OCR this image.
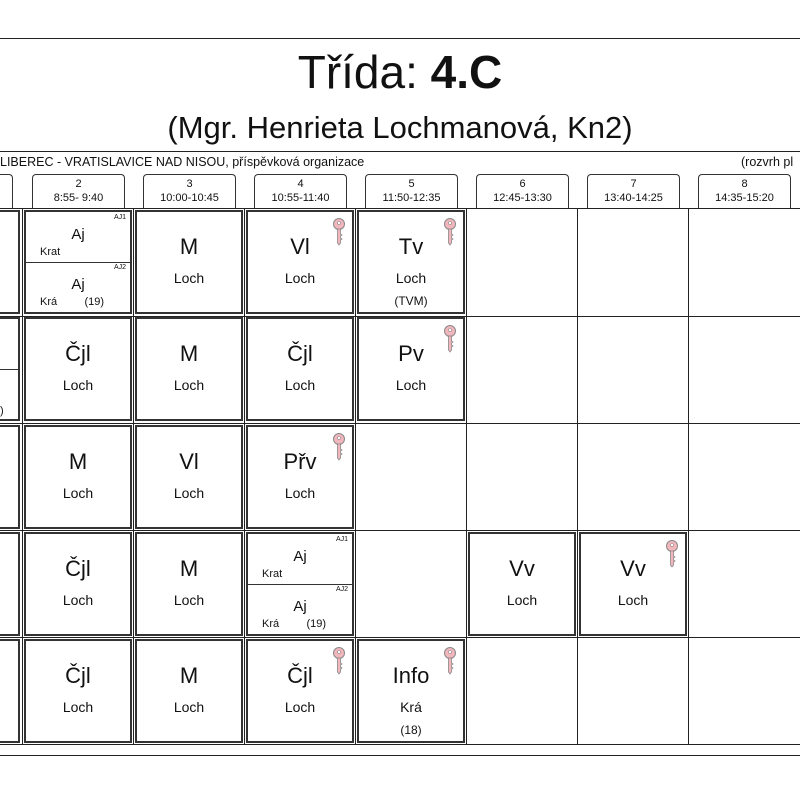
Třída: 4.C
(Mgr. Henrieta Lochmanová, Kn2)
LIBEREC - VRATISLAVICE NAD NISOU, příspěvková organizace	(rozvrh pl
2
8:55- 9:40
3
10:00-10:45
4
10:55-11:40
5
11:50-12:35
6
12:45-13:30
7
13:40-14:25
8
14:35-15:20
)
AJ1
Aj
Krat
AJ2
Aj
Krá (19)
M
Loch
Vl
Loch
Tv
Loch
(TVM)
Čjl
Loch
M
Loch
Čjl
Loch
Pv
Loch
M
Loch
Vl
Loch
Přv
Loch
Čjl
Loch
M
Loch
AJ1
Aj
Krat
AJ2
Aj
Krá (19)
Vv
Loch
Vv
Loch
Čjl
Loch
M
Loch
Čjl
Loch
Info
Krá
(18)
